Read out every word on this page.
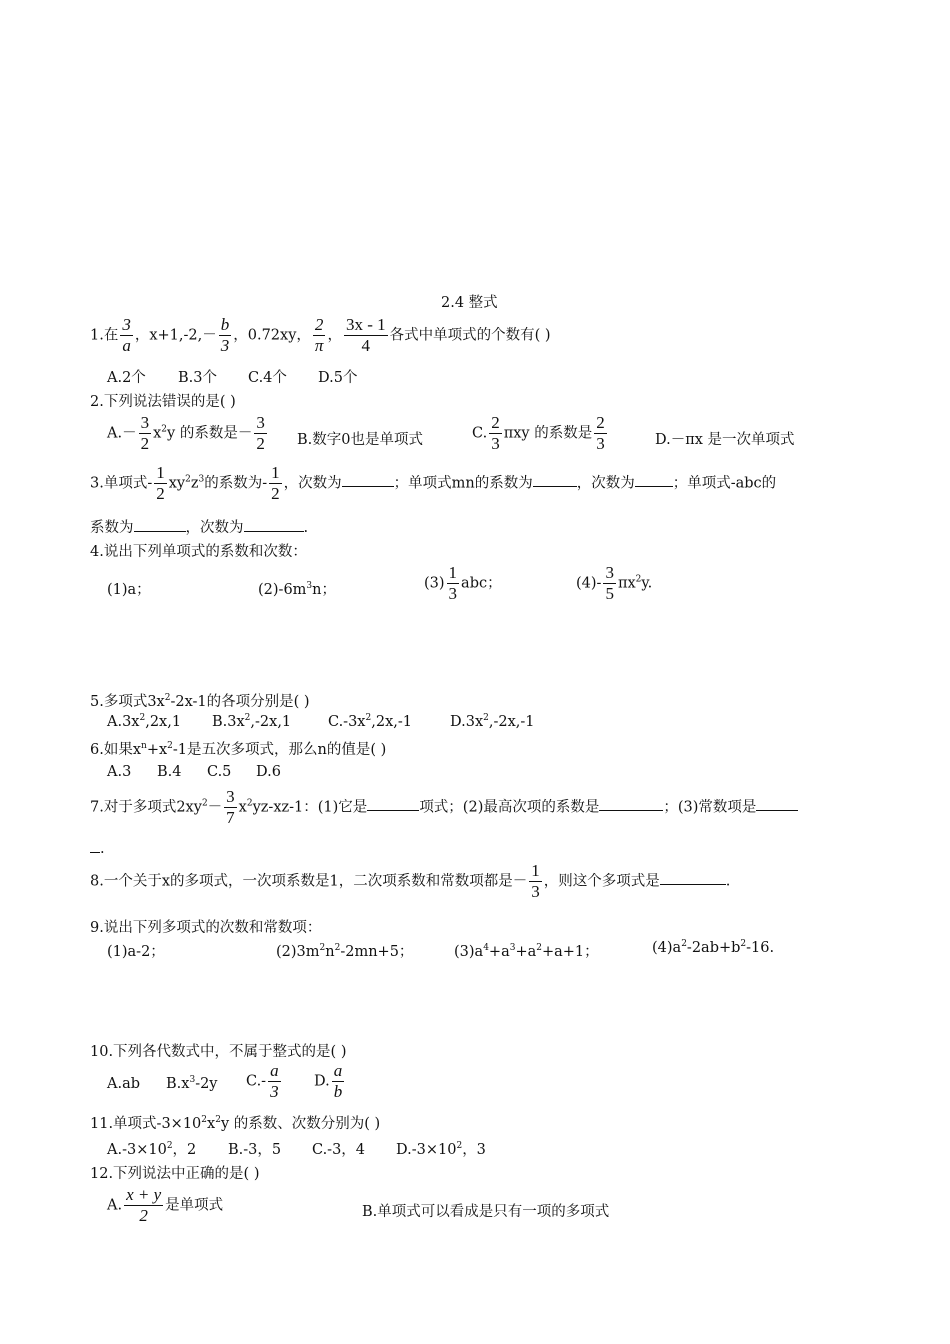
2.4 整式
1.在 $\frac{3}{a}$ ，$x+1,-2,- \frac{b}{3}$ ，0.72xy， $\frac{2}{\pi}$ ， $\frac{3x - 1}{4}$ 各式中单项式的个数有( )
A.2个 B.3个 C.4个 D.5个
2.下列说法错误的是( )
$A.- \frac{3}{2} x^2y$ 的系数是－ $\frac{3}{2} B$.数字0也是单项式	C. $\frac{2}{3}$ πxy 的系数是 $\frac{2}{3}$	D.－πx 是一次单项式
3.单项式- $\frac{1}{2} xy^2z^3$的系数为- $\frac{1}{2}$ ，次数为	；单项式mn的系数为	，次数为	；单项式-abc的
系数为	，次数为	.
4.说出下列单项式的系数和次数：
(1)a；	$(2)-6m^3n$；	$(3) \frac{1}{3}$ abc；	$(4)- \frac{3}{5} \pi x^2y$.
5.多项式$3x^2-2x-1$的各项分别是( )
$A.3x^2,2x,1$ $B.3x^2,-2x,1$	$C.-3x^2,2x,-1$	$D.3x^2,-2x,-1$
6.如果$x^n+x^2-1$是五次多项式，那么n的值是( )
A.3 B.4 C.5 D.6
7.对于多项式$2xy^2- \frac{3}{7} x^2yz-xz-1$：(1)它是	项式；(2)最高次项的系数是	；(3)常数项是
.
8.一个关于x的多项式，一次项系数是1，二次项系数和常数项都是－ $\frac{1}{3}$ ，则这个多项式是	.
9.说出下列多项式的次数和常数项：
(1)a-2；	$(2)3m^2n^2-2mn+5$；	$(3)a^4+a^3+a^2+a+1$；	$(4)a^2-2ab+b^2-16$.
10.下列各代数式中，不属于整式的是( )
A.ab $B.x^3-2y$ $C.- \frac{a}{3} D$. $\frac{a}{b}$
11.单项式$-3\times 10^2x^2y$ 的系数、次数分别为( )
$A.-3\times 10^2$，2 B.-3，5 C.-3，4 $D.-3\times 10^2$，3
12.下列说法中正确的是( )
A. $\frac{x + y}{2}$ 是单项式	B.单项式可以看成是只有一项的多项式
